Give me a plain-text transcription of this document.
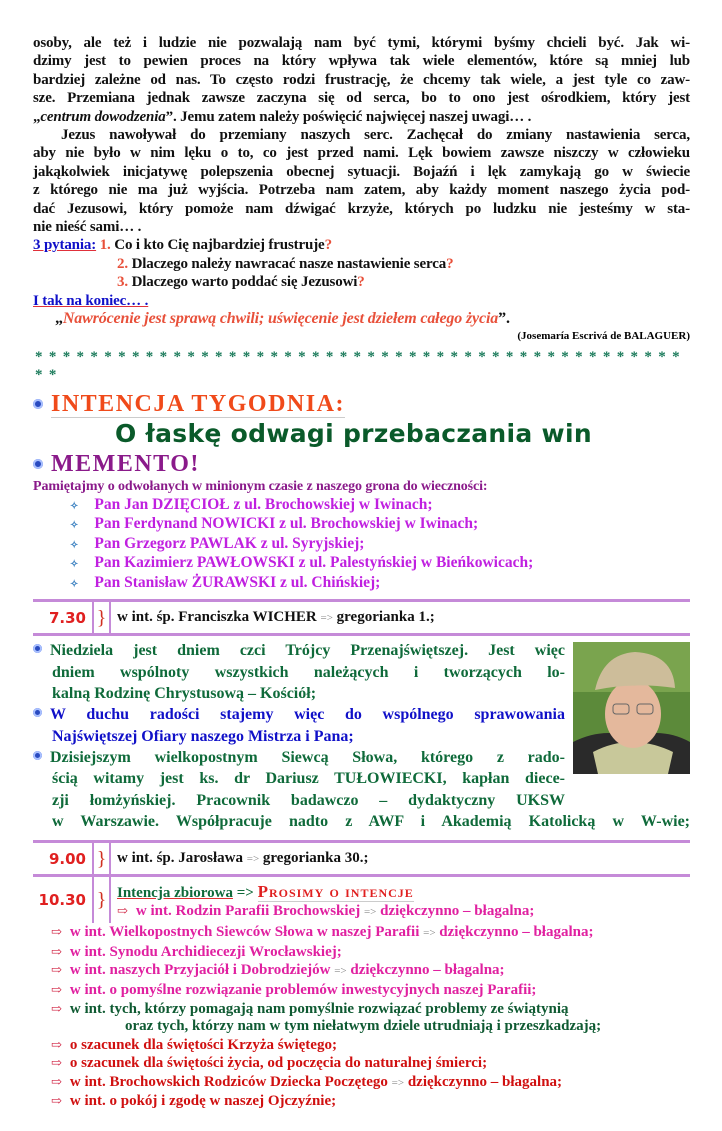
osoby, ale też i ludzie nie pozwalają nam być tymi, którymi byśmy chcieli być. Jak wi-
dzimy jest to pewien proces na który wpływa tak wiele elementów, które są mniej lub
bardziej zależne od nas. To często rodzi frustrację, że chcemy tak wiele, a jest tyle co zaw-
sze. Przemiana jednak zawsze zaczyna się od serca, bo to ono jest ośrodkiem, który jest
„centrum dowodzenia”. Jemu zatem należy poświęcić najwięcej naszej uwagi… .
Jezus nawoływał do przemiany naszych serc. Zachęcał do zmiany nastawienia serca,
aby nie było w nim lęku o to, co jest przed nami. Lęk bowiem zawsze niszczy w człowieku
jakąkolwiek inicjatywę polepszenia obecnej sytuacji. Bojaźń i lęk zamykają go w świecie
z którego nie ma już wyjścia. Potrzeba nam zatem, aby każdy moment naszego życia pod-
dać Jezusowi, który pomoże nam dźwigać krzyże, których po ludzku nie jesteśmy w sta-
nie nieść sami… .
3 pytania: 1. Co i kto Cię najbardziej frustruje?
2. Dlaczego należy nawracać nasze nastawienie serca?
3. Dlaczego warto poddać się Jezusowi?
I tak na koniec… .
„Nawrócenie jest sprawą chwili; uświęcenie jest dziełem całego życia”.
(Josemaría Escrivá de BALAGUER)
* * * * * * * * * * * * * * * * * * * * * * * * * * * * * * * * * * * * * * * * * * * * * * * * *
INTENCJA TYGODNIA:
O łaskę odwagi przebaczania win
MEMENTO!
Pamiętajmy o odwołanych w minionym czasie z naszego grona do wieczności:
✧ Pan Jan DZIĘCIOŁ z ul. Brochowskiej w Iwinach;
✧ Pan Ferdynand NOWICKI z ul. Brochowskiej w Iwinach;
✧ Pan Grzegorz PAWLAK z ul. Syryjskiej;
✧ Pan Kazimierz PAWŁOWSKI z ul. Palestyńskiej w Bieńkowicach;
✧ Pan Stanisław ŻURAWSKI z ul. Chińskiej;
7.30 } w int. śp. Franciszka WICHER => gregorianka 1.;
Niedziela jest dniem czci Trójcy Przenajświętszej. Jest więc
dniem wspólnoty wszystkich należących i tworzących lo-
kalną Rodzinę Chrystusową – Kościół;
W duchu radości stajemy więc do wspólnego sprawowania
Najświętszej Ofiary naszego Mistrza i Pana;
Dzisiejszym wielkopostnym Siewcą Słowa, którego z rado-
ścią witamy jest ks. dr Dariusz TUŁOWIECKI, kapłan diece-
zji łomżyńskiej. Pracownik badawczo – dydaktyczny UKSW
w Warszawie. Współpracuje nadto z AWF i Akademią Katolicką w W-wie;
9.00 } w int. śp. Jarosława => gregorianka 30.;
10.30 } Intencja zbiorowa => Prosimy o intencje
⇨ w int. Rodzin Parafii Brochowskiej => dziękczynno – błagalna;
⇨ w int. Wielkopostnych Siewców Słowa w naszej Parafii => dziękczynno – błagalna;
⇨ w int. Synodu Archidiecezji Wrocławskiej;
⇨ w int. naszych Przyjaciół i Dobrodziejów => dziękczynno – błagalna;
⇨ w int. o pomyślne rozwiązanie problemów inwestycyjnych naszej Parafii;
⇨ w int. tych, którzy pomagają nam pomyślnie rozwiązać problemy ze świątynią
oraz tych, którzy nam w tym niełatwym dziele utrudniają i przeszkadzają;
⇨ o szacunek dla świętości Krzyża świętego;
⇨ o szacunek dla świętości życia, od poczęcia do naturalnej śmierci;
⇨ w int. Brochowskich Rodziców Dziecka Poczętego => dziękczynno – błagalna;
⇨ w int. o pokój i zgodę w naszej Ojczyźnie;
